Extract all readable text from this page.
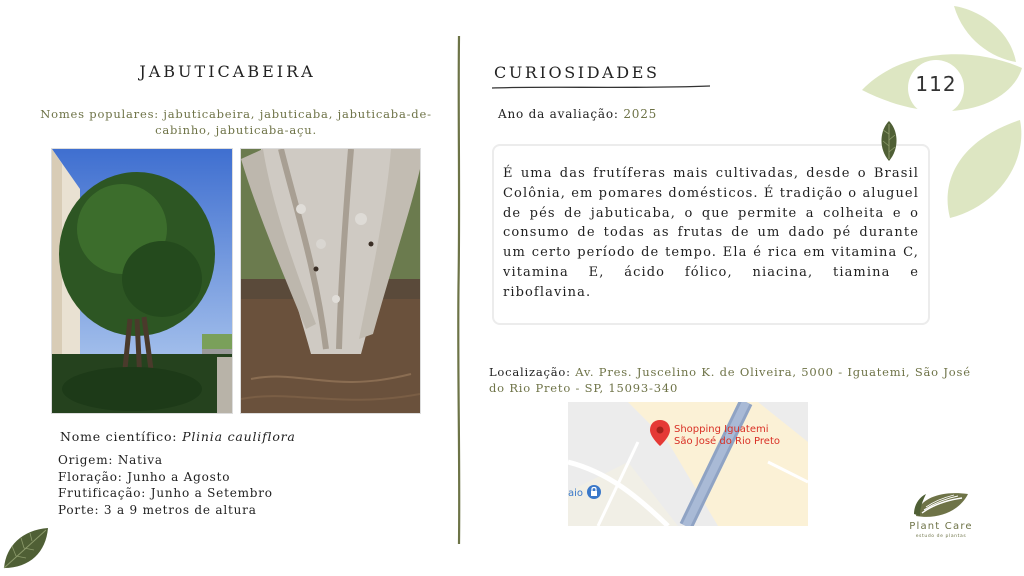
JABUTICABEIRA
Nomes populares: jabuticabeira, jabuticaba, jabuticaba-de-cabinho, jabuticaba-açu.
Nome científico: Plinia cauliflora
Origem: Nativa
Floração: Junho a Agosto
Frutificação: Junho a Setembro
Porte: 3 a 9 metros de altura
CURIOSIDADES
Ano da avaliação: 2025
É uma das frutíferas mais cultivadas, desde o Brasil Colônia, em pomares domésticos. É tradição o aluguel de pés de jabuticaba, o que permite a colheita e o consumo de todas as frutas de um dado pé durante um certo período de tempo. Ela é rica em vitamina C, vitamina E, ácido fólico, niacina, tiamina e riboflavina.
Localização: Av. Pres. Juscelino K. de Oliveira, 5000 - Iguatemi, São José do Rio Preto - SP, 15093-340
Shopping Iguatemi
São José do Rio Preto
aio
112
Plant Care
estudo de plantas
